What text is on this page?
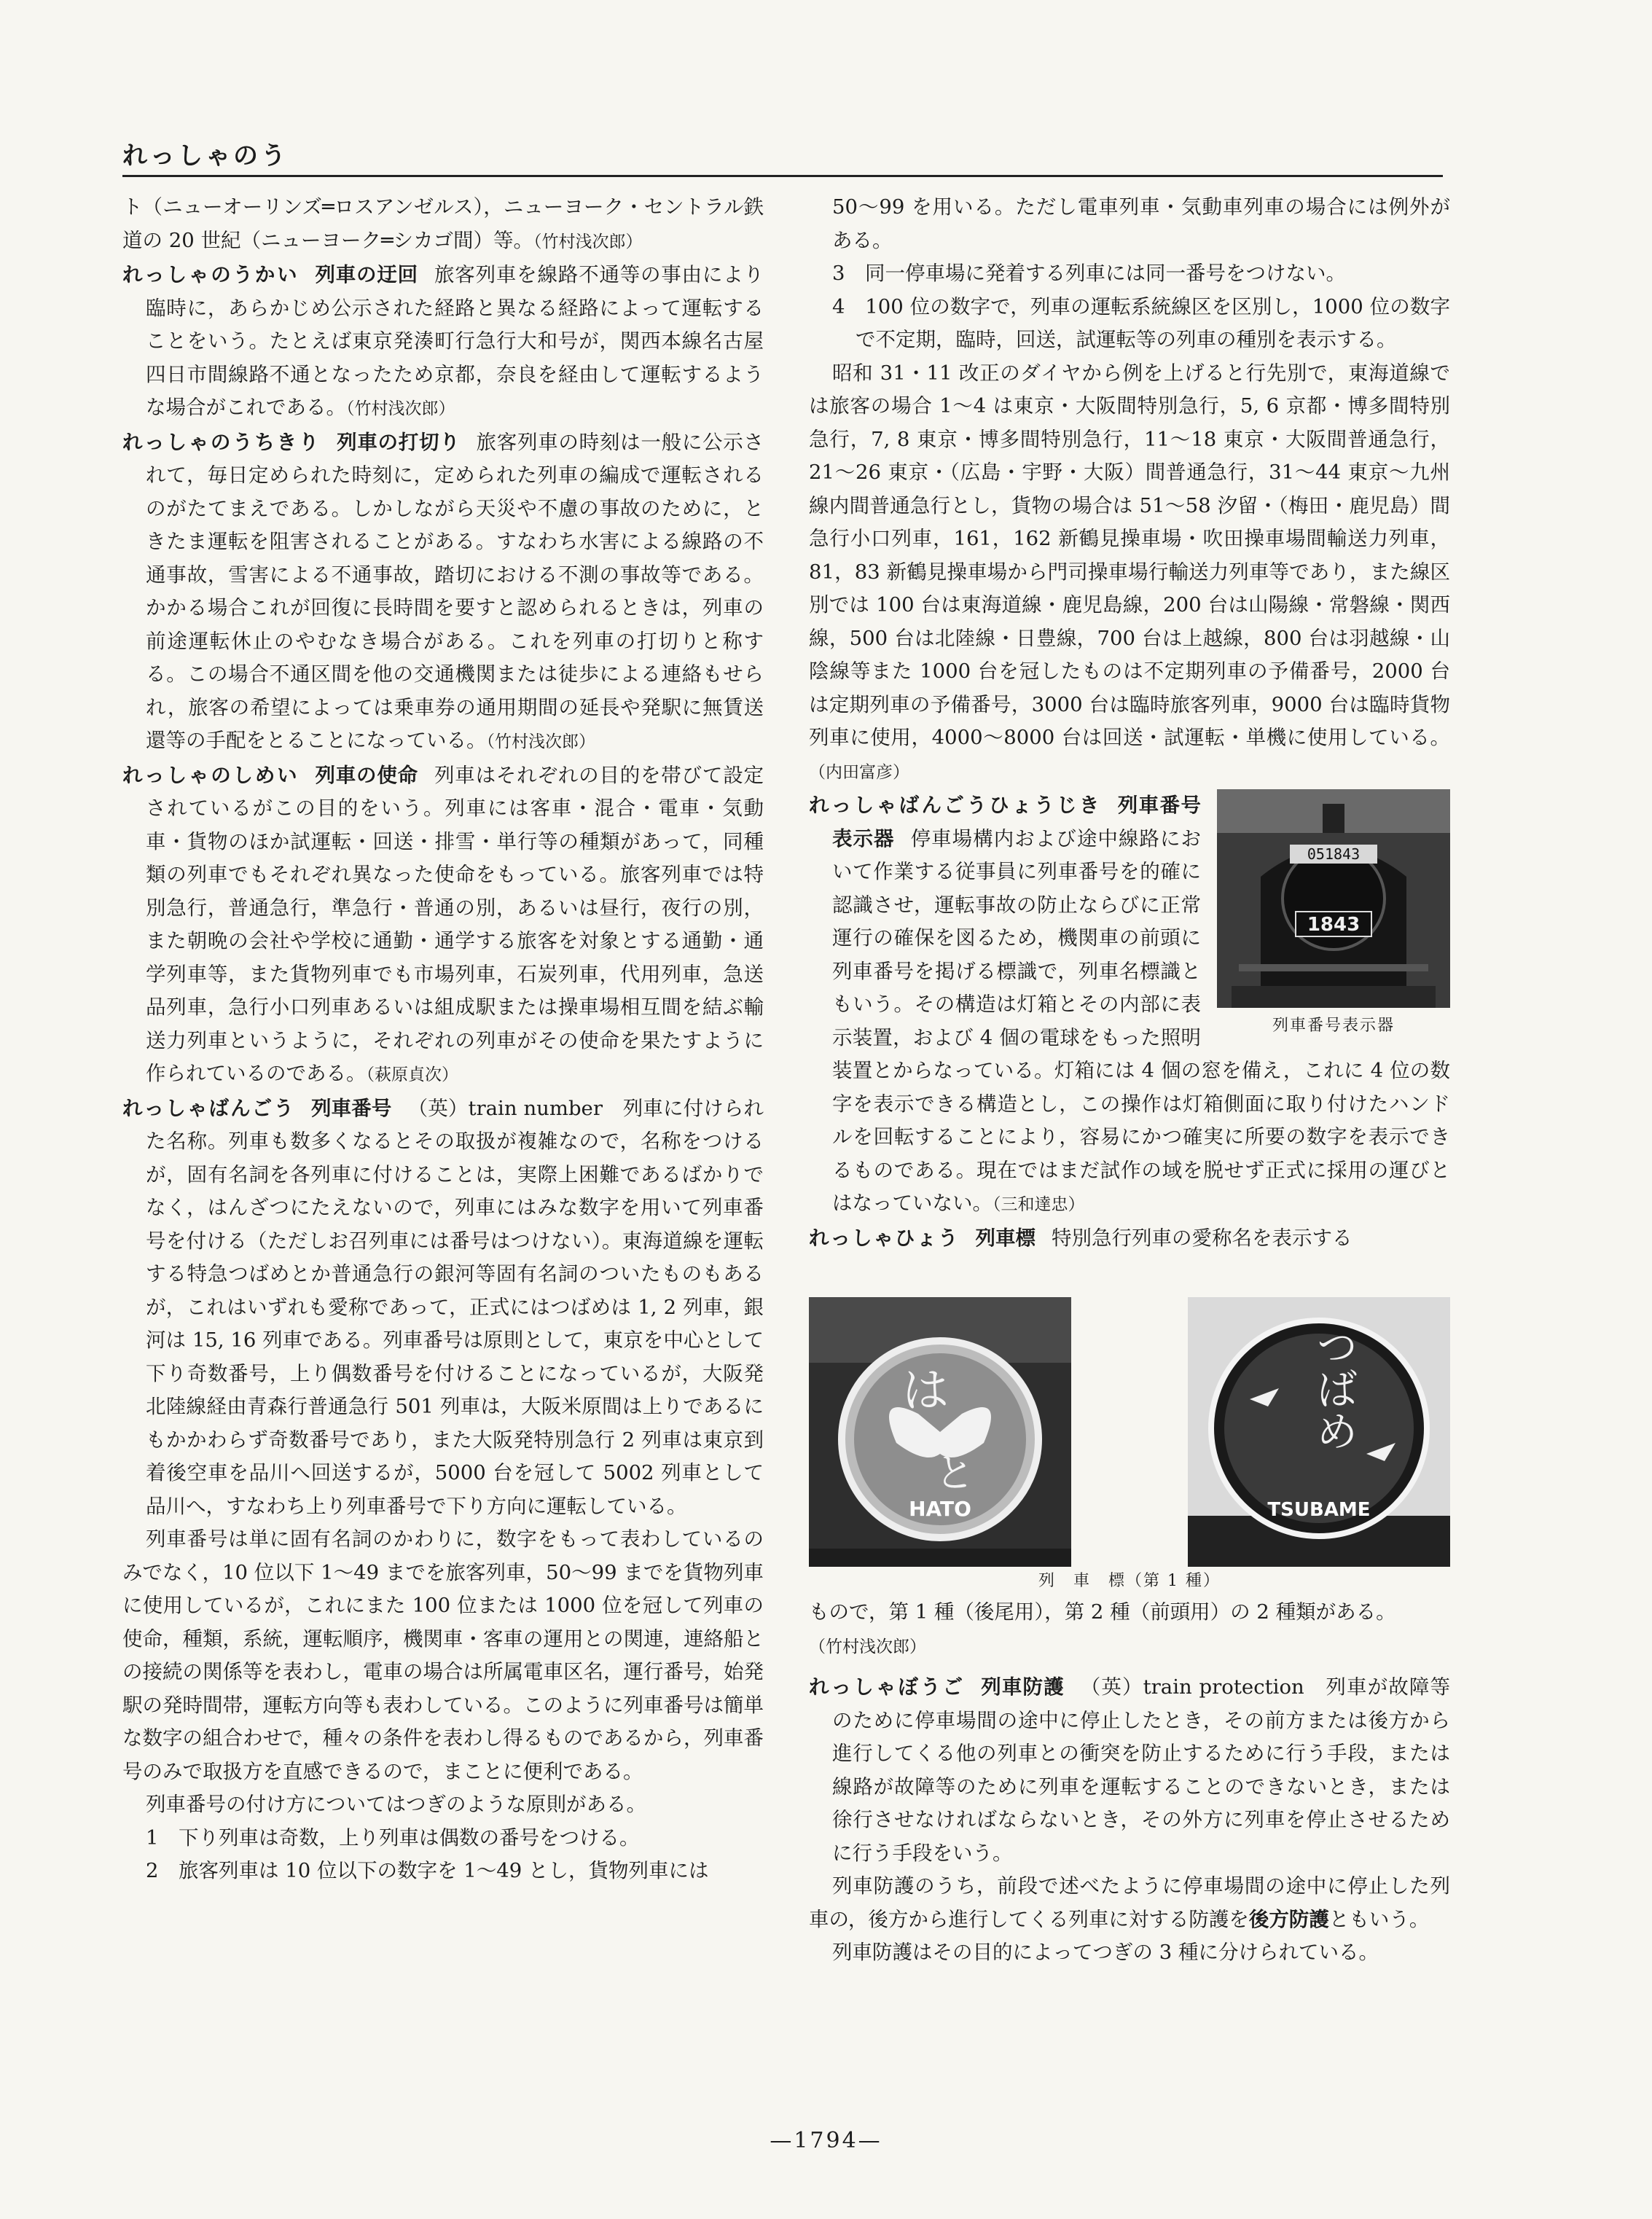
れっしゃのう

ト（ニューオーリンズ═ロスアンゼルス），ニューヨーク・セントラル鉄道の 20 世紀（ニューヨーク═シカゴ間）等。（竹村浅次郎）

れっしゃのうかい 列車の迂回 旅客列車を線路不通等の事由により臨時に，あらかじめ公示された経路と異なる経路によって運転することをいう。たとえば東京発湊町行急行大和号が，関西本線名古屋四日市間線路不通となったため京都，奈良を経由して運転するような場合がこれである。（竹村浅次郎）

れっしゃのうちきり 列車の打切り 旅客列車の時刻は一般に公示されて，毎日定められた時刻に，定められた列車の編成で運転されるのがたてまえである。しかしながら天災や不慮の事故のために，ときたま運転を阻害されることがある。すなわち水害による線路の不通事故，雪害による不通事故，踏切における不測の事故等である。かかる場合これが回復に長時間を要すと認められるときは，列車の前途運転休止のやむなき場合がある。これを列車の打切りと称する。この場合不通区間を他の交通機関または徒歩による連絡もせられ，旅客の希望によっては乗車券の通用期間の延長や発駅に無賃送還等の手配をとることになっている。（竹村浅次郎）

れっしゃのしめい 列車の使命 列車はそれぞれの目的を帯びて設定されているがこの目的をいう。列車には客車・混合・電車・気動車・貨物のほか試運転・回送・排雪・単行等の種類があって，同種類の列車でもそれぞれ異なった使命をもっている。旅客列車では特別急行，普通急行，準急行・普通の別，あるいは昼行，夜行の別，また朝晩の会社や学校に通勤・通学する旅客を対象とする通勤・通学列車等，また貨物列車でも市場列車，石炭列車，代用列車，急送品列車，急行小口列車あるいは組成駅または操車場相互間を結ぶ輸送力列車というように，それぞれの列車がその使命を果たすように作られているのである。（萩原貞次）

れっしゃばんごう 列車番号 （英）train number　列車に付けられた名称。列車も数多くなるとその取扱が複雑なので，名称をつけるが，固有名詞を各列車に付けることは，実際上困難であるばかりでなく，はんざつにたえないので，列車にはみな数字を用いて列車番号を付ける（ただしお召列車には番号はつけない）。東海道線を運転する特急つばめとか普通急行の銀河等固有名詞のついたものもあるが，これはいずれも愛称であって，正式にはつばめは 1, 2 列車，銀河は 15, 16 列車である。列車番号は原則として，東京を中心として下り奇数番号，上り偶数番号を付けることになっているが，大阪発北陸線経由青森行普通急行 501 列車は，大阪米原間は上りであるにもかかわらず奇数番号であり，また大阪発特別急行 2 列車は東京到着後空車を品川へ回送するが，5000 台を冠して 5002 列車として品川へ，すなわち上り列車番号で下り方向に運転している。

列車番号は単に固有名詞のかわりに，数字をもって表わしているのみでなく，10 位以下 1〜49 までを旅客列車，50〜99 までを貨物列車に使用しているが，これにまた 100 位または 1000 位を冠して列車の使命，種類，系統，運転順序，機関車・客車の運用との関連，連絡船との接続の関係等を表わし，電車の場合は所属電車区名，運行番号，始発駅の発時間帯，運転方向等も表わしている。このように列車番号は簡単な数字の組合わせで，種々の条件を表わし得るものであるから，列車番号のみで取扱方を直感できるので，まことに便利である。

列車番号の付け方についてはつぎのような原則がある。

1　下り列車は奇数，上り列車は偶数の番号をつける。

2　旅客列車は 10 位以下の数字を 1〜49 とし，貨物列車には

50〜99 を用いる。ただし電車列車・気動車列車の場合には例外がある。

3　同一停車場に発着する列車には同一番号をつけない。

4　100 位の数字で，列車の運転系統線区を区別し，1000 位の数字で不定期，臨時，回送，試運転等の列車の種別を表示する。

昭和 31・11 改正のダイヤから例を上げると行先別で，東海道線では旅客の場合 1〜4 は東京・大阪間特別急行，5, 6 京都・博多間特別急行，7, 8 東京・博多間特別急行，11〜18 東京・大阪間普通急行，21〜26 東京・（広島・宇野・大阪）間普通急行，31〜44 東京〜九州線内間普通急行とし，貨物の場合は 51〜58 汐留・（梅田・鹿児島）間急行小口列車，161，162 新鶴見操車場・吹田操車場間輸送力列車，81，83 新鶴見操車場から門司操車場行輸送力列車等であり，また線区別では 100 台は東海道線・鹿児島線，200 台は山陽線・常磐線・関西線，500 台は北陸線・日豊線，700 台は上越線，800 台は羽越線・山陰線等また 1000 台を冠したものは不定期列車の予備番号，2000 台は定期列車の予備番号，3000 台は臨時旅客列車，9000 台は臨時貨物列車に使用，4000〜8000 台は回送・試運転・単機に使用している。（内田富彦）

051843
1843
列車番号表示器
れっしゃばんごうひょうじき 列車番号表示器 停車場構内および途中線路において作業する従事員に列車番号を的確に認識させ，運転事故の防止ならびに正常運行の確保を図るため，機関車の前頭に列車番号を掲げる標識で，列車名標識ともいう。その構造は灯箱とその内部に表示装置，および 4 個の電球をもった照明装置とからなっている。灯箱には 4 個の窓を備え，これに 4 位の数字を表示できる構造とし，この操作は灯箱側面に取り付けたハンドルを回転することにより，容易にかつ確実に所要の数字を表示できるものである。現在ではまだ試作の域を脱せず正式に採用の運びとはなっていない。（三和達忠）

れっしゃひょう 列車標 特別急行列車の愛称名を表示する

は
と
HATO
つばめ
TSUBAME

列　車　標（第 1 種）

もので，第 1 種（後尾用），第 2 種（前頭用）の 2 種類がある。
（竹村浅次郎）

れっしゃぼうご 列車防護 （英）train protection　列車が故障等のために停車場間の途中に停止したとき，その前方または後方から進行してくる他の列車との衝突を防止するために行う手段，または線路が故障等のために列車を運転することのできないとき，または徐行させなければならないとき，その外方に列車を停止させるために行う手段をいう。

列車防護のうち，前段で述べたように停車場間の途中に停止した列車の，後方から進行してくる列車に対する防護を後方防護ともいう。

列車防護はその目的によってつぎの 3 種に分けられている。

—1794—
